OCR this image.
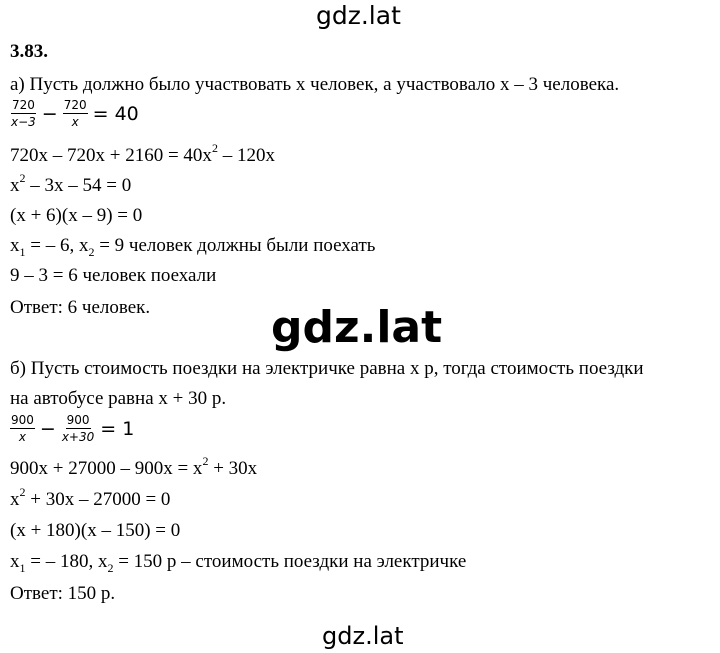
gdz.lat
gdz.lat
gdz.lat
3.83.
а) Пусть должно было участвовать x человек, а участвовало x – 3 человека.
$\frac{720}{x-3} - \frac{720}{x} = 40$
$720x - 720x + 2160 = 40x^2 - 120x$
$x^2 - 3x - 54 = 0$
(x + 6)(x – 9) = 0
$x_1$ = – 6, $x_2 = 9$ человек должны были поехать
9 – 3 = 6 человек поехали
Ответ: 6 человек.
б) Пусть стоимость поездки на электричке равна x р, тогда стоимость поездки
на автобусе равна x + 30 р.
$\frac{900}{x} - \frac{900}{x+30} = 1$
$900x + 27000 - 900x = x^2 + 30x$
$x^2 + 30x - 27000 = 0$
(x + 180)(x – 150) = 0
$x_1$ = – 180, $x_2 = 150$ р – стоимость поездки на электричке
Ответ: 150 р.
